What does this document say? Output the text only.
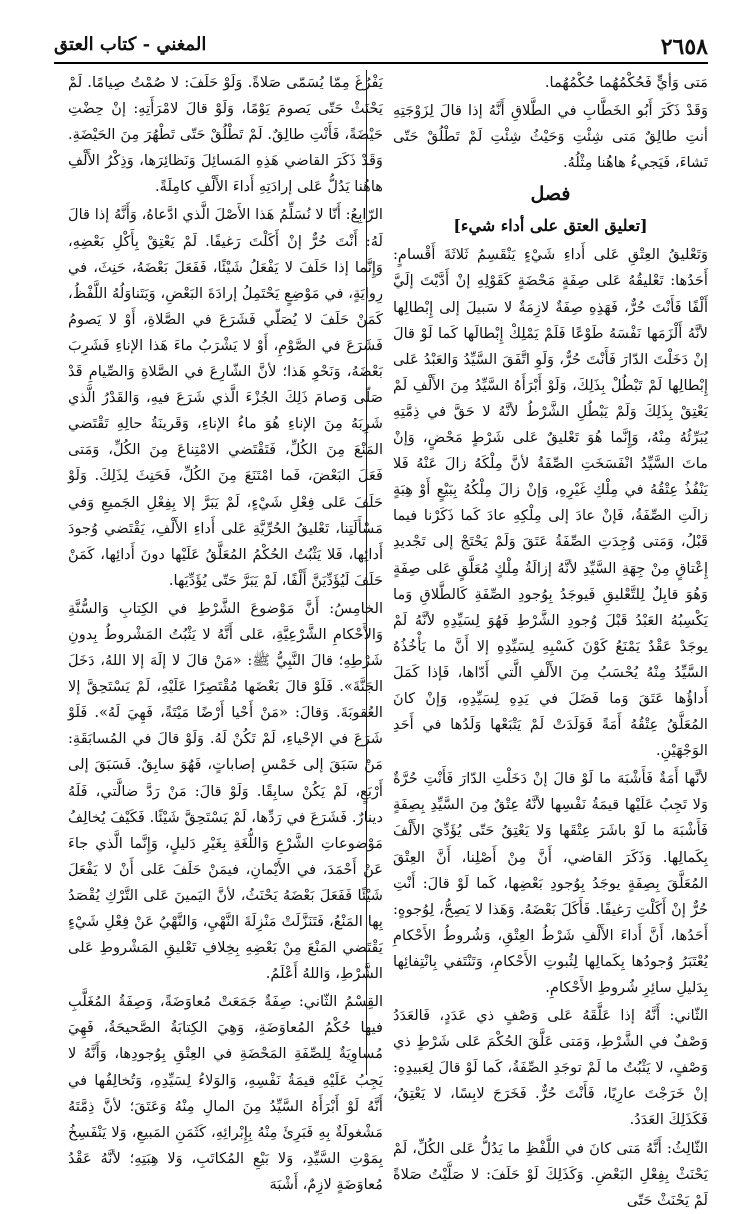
٢٦٥٨
المغني - كتاب العتق

مَتى وَأيٍّ فَحُكْمُهُما حُكْمُهُما.

وَقَدْ ذَكَرَ أَبُو الخَطَّابِ في الطَّلاقِ أَنَّهُ إذا قالَ لِزَوْجَتِهِ أنتِ طالِقٌ مَتى شِئْتِ وَحَيْثُ شِئْتِ لَمْ تَطْلُقْ حَتّى تَشاءَ، فَيَجيءُ هاهُنا مِثْلُهُ.

فصل
[تعليق العتق على أداء شيء]

وَتَعْليقُ العِتْقِ عَلى أَداءِ شَيْءٍ يَنْقَسِمُ ثَلاثَةَ أَقْسامٍ: أَحَدُها: تَعْليقُهُ عَلى صِفَةٍ مَحْضَةٍ كَقَوْلِهِ إنْ أَدَّيْتَ إلَيَّ أَلْفًا فَأَنْتَ حُرٌّ، فَهَذِهِ صِفَةٌ لازِمَةٌ لا سَبيلَ إلى إِبْطالِها لأنَّهُ أَلْزَمَها نَفْسَهُ طَوْعًا فَلَمْ يَمْلِكْ إِبْطالَها كَما لَوْ قالَ إنْ دَخَلْتَ الدّارَ فَأَنْتَ حُرٌّ، وَلَوِ اتَّفَقَ السَّيِّدُ وَالعَبْدُ عَلى إِبْطالِها لَمْ تَبْطُلْ بِذَلِكَ، وَلَوْ أَبْرَأَهُ السَّيِّدُ مِنَ الأَلْفِ لَمْ يَعْتِقْ بِذَلِكَ وَلَمْ يَبْطُلِ الشَّرْطُ لأنَّهُ لا حَقَّ في ذِمَّتِهِ يُبَرِّئُهُ مِنْهُ، وَإِنَّما هُوَ تَعْليقٌ عَلى شَرْطٍ مَحْضٍ، وَإنْ ماتَ السَّيِّدُ انْفَسَخَتِ الصِّفَةُ لأنَّ مِلْكَهُ زالَ عَنْهُ فَلا يَنْفُذُ عِتْقُهُ في مِلْكِ غَيْرِهِ، وَإنْ زالَ مِلْكُهُ بِبَيْعٍ أَوْ هِبَةٍ زالَتِ الصِّفَةُ، فَإنْ عادَ إلى مِلْكِهِ عادَ كَما ذَكَرْنا فيما قَبْلُ، وَمَتى وُجِدَتِ الصِّفَةُ عَتَقَ وَلَمْ يَحْتَجْ إلى تَجْديدِ إِعْتاقٍ مِنْ جِهَةِ السَّيِّدِ لأنَّهُ إزالَةُ مِلْكٍ مُعَلَّقٍ عَلى صِفَةٍ وَهُوَ قابِلٌ لِلتَّعْليقِ فَيوجَدُ بِوُجودِ الصِّفَةِ كَالطَّلاقِ وَما يَكْسِبُهُ العَبْدُ قَبْلَ وُجودِ الشَّرْطِ فَهُوَ لِسَيِّدِهِ لأنَّهُ لَمْ يوجَدْ عَقْدٌ يَمْنَعُ كَوْنَ كَسْبِهِ لِسَيِّدِهِ إلا أَنَّ ما يَأْخُذُهُ السَّيِّدُ مِنْهُ يُحْسَبُ مِنَ الأَلْفِ الَّتي أَدّاها، فَإذا كَمَلَ أَداؤُها عَتَقَ وَما فَضَلَ في يَدِهِ لِسَيِّدِهِ، وَإنْ كانَ المُعَلَّقُ عِتْقُهُ أَمَةً فَوَلَدَتْ لَمْ يَتْبَعْها وَلَدُها في أَحَدِ الوَجْهَيْنِ.

لأنَّها أَمَةٌ فَأَشْبَهَ ما لَوْ قالَ إنْ دَخَلْتِ الدّارَ فَأَنْتِ حُرَّةٌ وَلا تَجِبُ عَلَيْها قيمَةُ نَفْسِها لأنَّهُ عِتْقٌ مِنَ السَّيِّدِ بِصِفَةٍ فَأَشْبَهَ ما لَوْ باشَرَ عِتْقَها وَلا يَعْتِقُ حَتّى يُؤَدِّيَ الأَلْفَ بِكَمالِها. وَذَكَرَ القاضي، أَنَّ مِنْ أَصْلِنا، أَنَّ العِتْقَ المُعَلَّقَ بِصِفَةٍ يوجَدُ بِوُجودِ بَعْضِها، كَما لَوْ قالَ: أَنْتِ حُرٌّ إنْ أَكَلْتِ رَغيفًا. فَأَكَلَ بَعْضَهُ. وَهَذا لا يَصِحُّ، لِوُجوهٍ: أَحَدُها، أَنَّ أَداءَ الأَلْفِ شَرْطُ العِتْقِ، وَشُروطُ الأَحْكامِ يُعْتَبَرُ وُجودُها بِكَمالِها لِثُبوتِ الأَحْكامِ، وَتَنْتَفي بِانْتِفائِها بِدَليلِ سائِرِ شُروطِ الأَحْكامِ.

الثّاني: أَنَّهُ إذا عَلَّقَهُ عَلى وَصْفٍ ذي عَدَدٍ، فَالعَدَدُ وَصْفٌ في الشَّرْطِ، وَمَتى عَلَّقَ الحُكْمَ عَلى شَرْطٍ ذي وَصْفٍ، لا يَثْبُتُ ما لَمْ توجَدِ الصِّفَةُ، كَما لَوْ قالَ لِعَبيدِهِ: إنْ خَرَجْتَ عارِيًا، فَأَنْتَ حُرٌّ. فَخَرَجَ لابِسًا، لا يَعْتِقُ، فَكَذَلِكَ العَدَدُ.

الثّالِثُ: أَنَّهُ مَتى كانَ في اللَّفْظِ ما يَدُلُّ عَلى الكُلِّ، لَمْ يَحْنَثْ بِفِعْلِ البَعْضِ. وَكَذَلِكَ لَوْ حَلَفَ: لا صَلَّيْتُ صَلاةً لَمْ يَحْنَثْ حَتّى

يَفْرُغَ مِمّا يُسَمّى صَلاةً. وَلَوْ حَلَفَ: لا صُمْتُ صِيامًا. لَمْ يَحْنَثْ حَتّى يَصومَ يَوْمًا، وَلَوْ قالَ لامْرَأَتِهِ: إنْ حِضْتِ حَيْضَةً، فَأَنْتِ طالِقٌ. لَمْ تَطْلُقْ حَتّى تَطْهُرَ مِنَ الحَيْضَةِ. وَقَدْ ذَكَرَ القاضي هَذِهِ المَسائِلَ وَنَظائِرَها، وَذِكْرُ الأَلْفِ هاهُنا يَدُلُّ عَلى إرادَتِهِ أَداءَ الأَلْفِ كامِلَةً.

الرّابِعُ: أَنّا لا نُسَلِّمُ هَذا الأَصْلَ الَّذي ادَّعاهُ، وَأَنَّهُ إذا قالَ لَهُ: أَنْتَ حُرٌّ إنْ أَكَلْتَ رَغيفًا. لَمْ يَعْتِقْ بِأَكْلِ بَعْضِهِ، وَإِنَّما إذا حَلَفَ لا يَفْعَلُ شَيْئًا، فَفَعَلَ بَعْضَهُ، حَنِثَ، في رِوايَةٍ، في مَوْضِعٍ يَحْتَمِلُ إرادَةَ البَعْضِ، وَيَتَناوَلُهُ اللَّفْظُ، كَمَنْ حَلَفَ لا يُصَلّي فَشَرَعَ في الصَّلاةِ، أَوْ لا يَصومُ فَشَرَعَ في الصَّوْمِ، أَوْ لا يَشْرَبُ ماءَ هَذا الإناءِ فَشَرِبَ بَعْضَهُ، وَنَحْوِ هَذا؛ لأنَّ الشّارِعَ في الصَّلاةِ وَالصِّيامِ قَدْ صَلّى وَصامَ ذَلِكَ الجُزْءَ الَّذي شَرَعَ فيهِ، وَالقَدْرُ الَّذي شَرِبَهُ مِنَ الإناءِ هُوَ ماءُ الإناءِ، وَقَرينَةُ حالِهِ تَقْتَضي المَنْعَ مِنَ الكُلِّ، فَتَقْتَضي الامْتِناعَ مِنَ الكُلِّ، وَمَتى فَعَلَ البَعْضَ، فَما امْتَنَعَ مِنَ الكُلِّ، فَحَنِثَ لِذَلِكَ. وَلَوْ حَلَفَ عَلى فِعْلِ شَيْءٍ، لَمْ يَبَرَّ إلا بِفِعْلِ الجَميعِ وَفي مَسْأَلَتِنا، تَعْليقُ الحُرِّيَّةِ عَلى أَداءِ الأَلْفِ، يَقْتَضي وُجودَ أَدائِها، فَلا يَثْبُتُ الحُكْمُ المُعَلَّقُ عَلَيْها دونَ أَدائِها، كَمَنْ حَلَفَ لَيُؤَدِّيَنَّ أَلْفًا، لَمْ يَبَرَّ حَتّى يُؤَدِّيَها.

الخامِسُ: أَنَّ مَوْضوعَ الشَّرْطِ في الكِتابِ وَالسُّنَّةِ وَالأَحْكامِ الشَّرْعِيَّةِ، عَلى أَنَّهُ لا يَثْبُتُ المَشْروطُ بِدونِ شَرْطِهِ؛ قالَ النَّبِيُّ ﷺ: «مَنْ قالَ لا إلَهَ إلا اللهُ، دَخَلَ الجَنَّةَ». فَلَوْ قالَ بَعْضَها مُقْتَصِرًا عَلَيْهِ، لَمْ يَسْتَحِقَّ إلا العُقوبَةَ. وَقالَ: «مَنْ أَحْيا أَرْضًا مَيْتَةً، فَهِيَ لَهُ». فَلَوْ شَرَعَ في الإحْياءِ، لَمْ تَكُنْ لَهُ. وَلَوْ قالَ في المُسابَقَةِ: مَنْ سَبَقَ إلى خَمْسِ إصاباتٍ، فَهُوَ سابِقٌ. فَسَبَقَ إلى أَرْبَعٍ، لَمْ يَكُنْ سابِقًا. وَلَوْ قالَ: مَنْ رَدَّ ضالَّتي، فَلَهُ دينارٌ. فَشَرَعَ في رَدِّها، لَمْ يَسْتَحِقَّ شَيْئًا. فَكَيْفَ يُخالِفُ مَوْضوعاتِ الشَّرْعِ وَاللُّغَةِ بِغَيْرِ دَليلٍ، وَإِنَّما الَّذي جاءَ عَنْ أَحْمَدَ، في الأَيْمانِ، فيمَنْ حَلَفَ عَلى أَنْ لا يَفْعَلَ شَيْئًا فَفَعَلَ بَعْضَهُ يَحْنَثُ، لأنَّ اليَمينَ عَلى التَّرْكِ يُقْصَدُ بِها المَنْعُ، فَتَنَزَّلَتْ مَنْزِلَةَ النَّهْيِ، وَالنَّهْيُ عَنْ فِعْلِ شَيْءٍ يَقْتَضي المَنْعَ مِنْ بَعْضِهِ بِخِلافِ تَعْليقِ المَشْروطِ عَلى الشَّرْطِ، وَاللهُ أَعْلَمُ.

القِسْمُ الثّاني: صِفَةٌ جَمَعَتْ مُعاوَضَةً، وَصِفَةُ المُغَلَّبِ فيها حُكْمُ المُعاوَضَةِ، وَهِيَ الكِتابَةُ الصَّحيحَةُ، فَهِيَ مُساوِيَةٌ لِلصِّفَةِ المَحْضَةِ في العِتْقِ بِوُجودِها، وَأَنَّهُ لا يَجِبُ عَلَيْهِ قيمَةُ نَفْسِهِ، وَالوَلاءُ لِسَيِّدِهِ، وَتُخالِفُها في أَنَّهُ لَوْ أَبْرَأَهُ السَّيِّدُ مِنَ المالِ مِنْهُ وَعَتَقَ؛ لأنَّ ذِمَّتَهُ مَشْغولَةٌ بِهِ فَبَرِئَ مِنْهُ بِإِبْرائِهِ، كَثَمَنِ المَبيعِ، وَلا يَنْفَسِخُ بِمَوْتِ السَّيِّدِ، وَلا بَيْعِ المُكاتَبِ، وَلا هِبَتِهِ؛ لأنَّهُ عَقْدُ مُعاوَضَةٍ لازِمٌ، أَشْبَهَ
